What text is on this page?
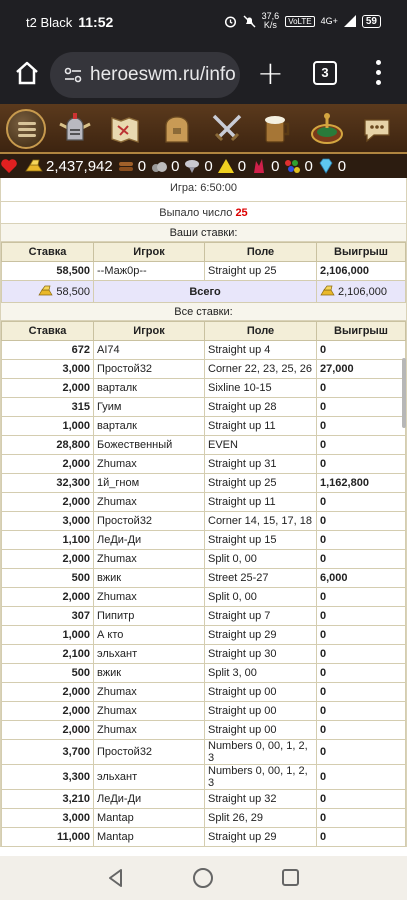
t2 Black 11:52	37,6
K/s	VoLTE	4G+	59
heroeswm.ru/info +	3
2,437,942 0 0 0 0 0 0 0
Игра: 6:50:00
Выпало число 25
Ваши ставки:
Ставка	Игрок	Поле	Выигрыш
58,500	--Маж0р--	Straight up 25	2,106,000
58,500	Всего		2,106,000
Все ставки:
Ставка	Игрок	Поле	Выигрыш
672	AI74	Straight up 4	0
3,000	Простой32	Corner 22, 23, 25, 26	27,000
2,000	варталк	Sixline 10-15	0
315	Гуим	Straight up 28	0
1,000	варталк	Straight up 11	0
28,800	Божественный	EVEN	0
2,000	Zhumax	Straight up 31	0
32,300	1й_гном	Straight up 25	1,162,800
2,000	Zhumax	Straight up 11	0
3,000	Простой32	Corner 14, 15, 17, 18	0
1,100	ЛеДи-Ди	Straight up 15	0
2,000	Zhumax	Split 0, 00	0
500	вжик	Street 25-27	6,000
2,000	Zhumax	Split 0, 00	0
307	Пипитр	Straight up 7	0
1,000	А кто	Straight up 29	0
2,100	эльхант	Straight up 30	0
500	вжик	Split 3, 00	0
2,000	Zhumax	Straight up 00	0
2,000	Zhumax	Straight up 00	0
2,000	Zhumax	Straight up 00	0
3,700	Простой32	Numbers 0, 00, 1, 2, 3	0
3,300	эльхант	Numbers 0, 00, 1, 2, 3	0
3,210	ЛеДи-Ди	Straight up 32	0
3,000	Mantap	Split 26, 29	0
11,000	Mantap	Straight up 29	0
